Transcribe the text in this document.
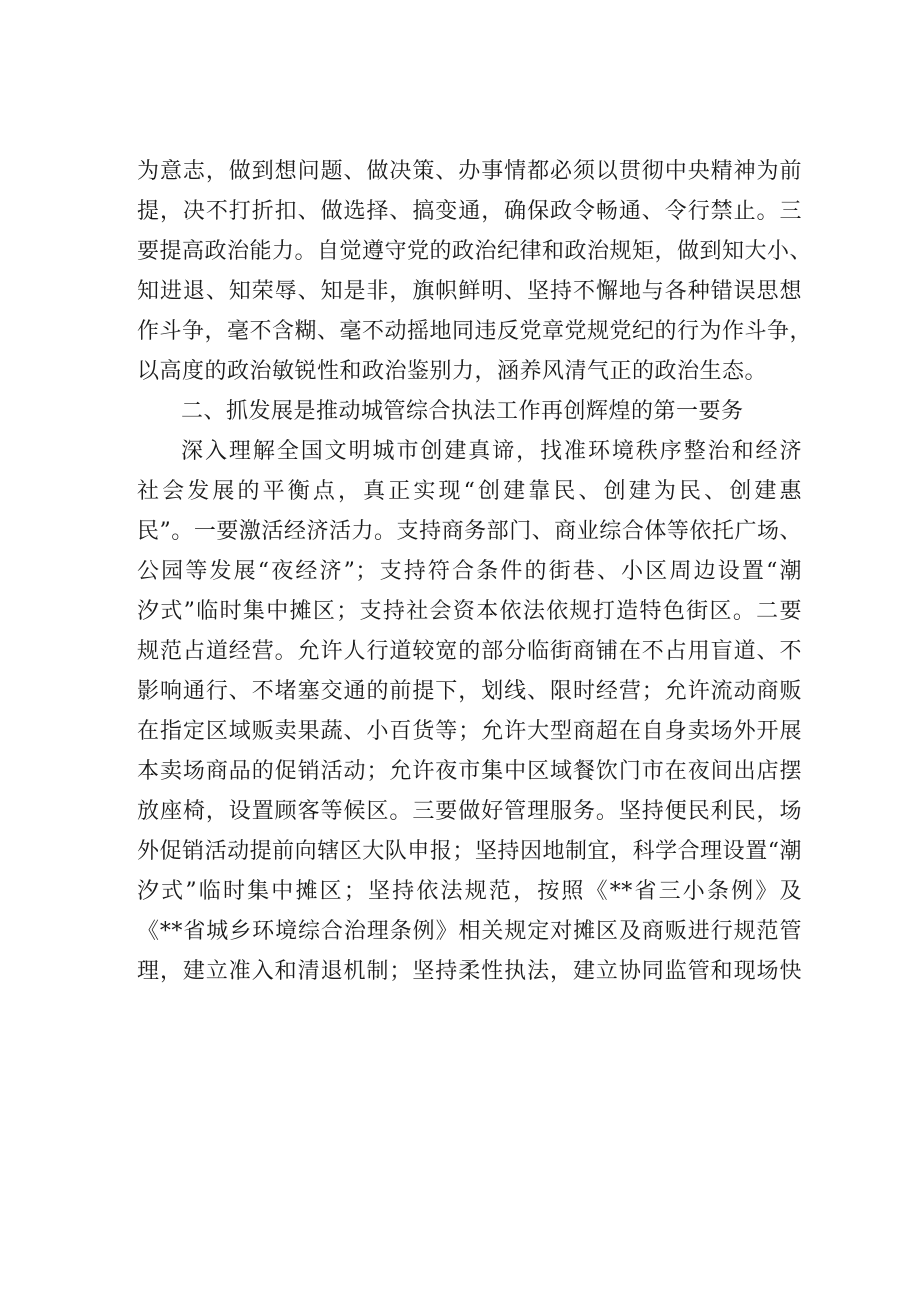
为意志，做到想问题、做决策、办事情都必须以贯彻中央精神为前
提，决不打折扣、做选择、搞变通，确保政令畅通、令行禁止。三
要提高政治能力。自觉遵守党的政治纪律和政治规矩，做到知大小、
知进退、知荣辱、知是非，旗帜鲜明、坚持不懈地与各种错误思想
作斗争，毫不含糊、毫不动摇地同违反党章党规党纪的行为作斗争，
以高度的政治敏锐性和政治鉴别力，涵养风清气正的政治生态。
二、抓发展是推动城管综合执法工作再创辉煌的第一要务
深入理解全国文明城市创建真谛，找准环境秩序整治和经济
社会发展的平衡点，真正实现“创建靠民、创建为民、创建惠
民”。一要激活经济活力。支持商务部门、商业综合体等依托广场、
公园等发展“夜经济”；支持符合条件的街巷、小区周边设置“潮
汐式”临时集中摊区；支持社会资本依法依规打造特色街区。二要
规范占道经营。允许人行道较宽的部分临街商铺在不占用盲道、不
影响通行、不堵塞交通的前提下，划线、限时经营；允许流动商贩
在指定区域贩卖果蔬、小百货等；允许大型商超在自身卖场外开展
本卖场商品的促销活动；允许夜市集中区域餐饮门市在夜间出店摆
放座椅，设置顾客等候区。三要做好管理服务。坚持便民利民，场
外促销活动提前向辖区大队申报；坚持因地制宜，科学合理设置“潮
汐式”临时集中摊区；坚持依法规范，按照《**省三小条例》及
《**省城乡环境综合治理条例》相关规定对摊区及商贩进行规范管
理，建立准入和清退机制；坚持柔性执法，建立协同监管和现场快
